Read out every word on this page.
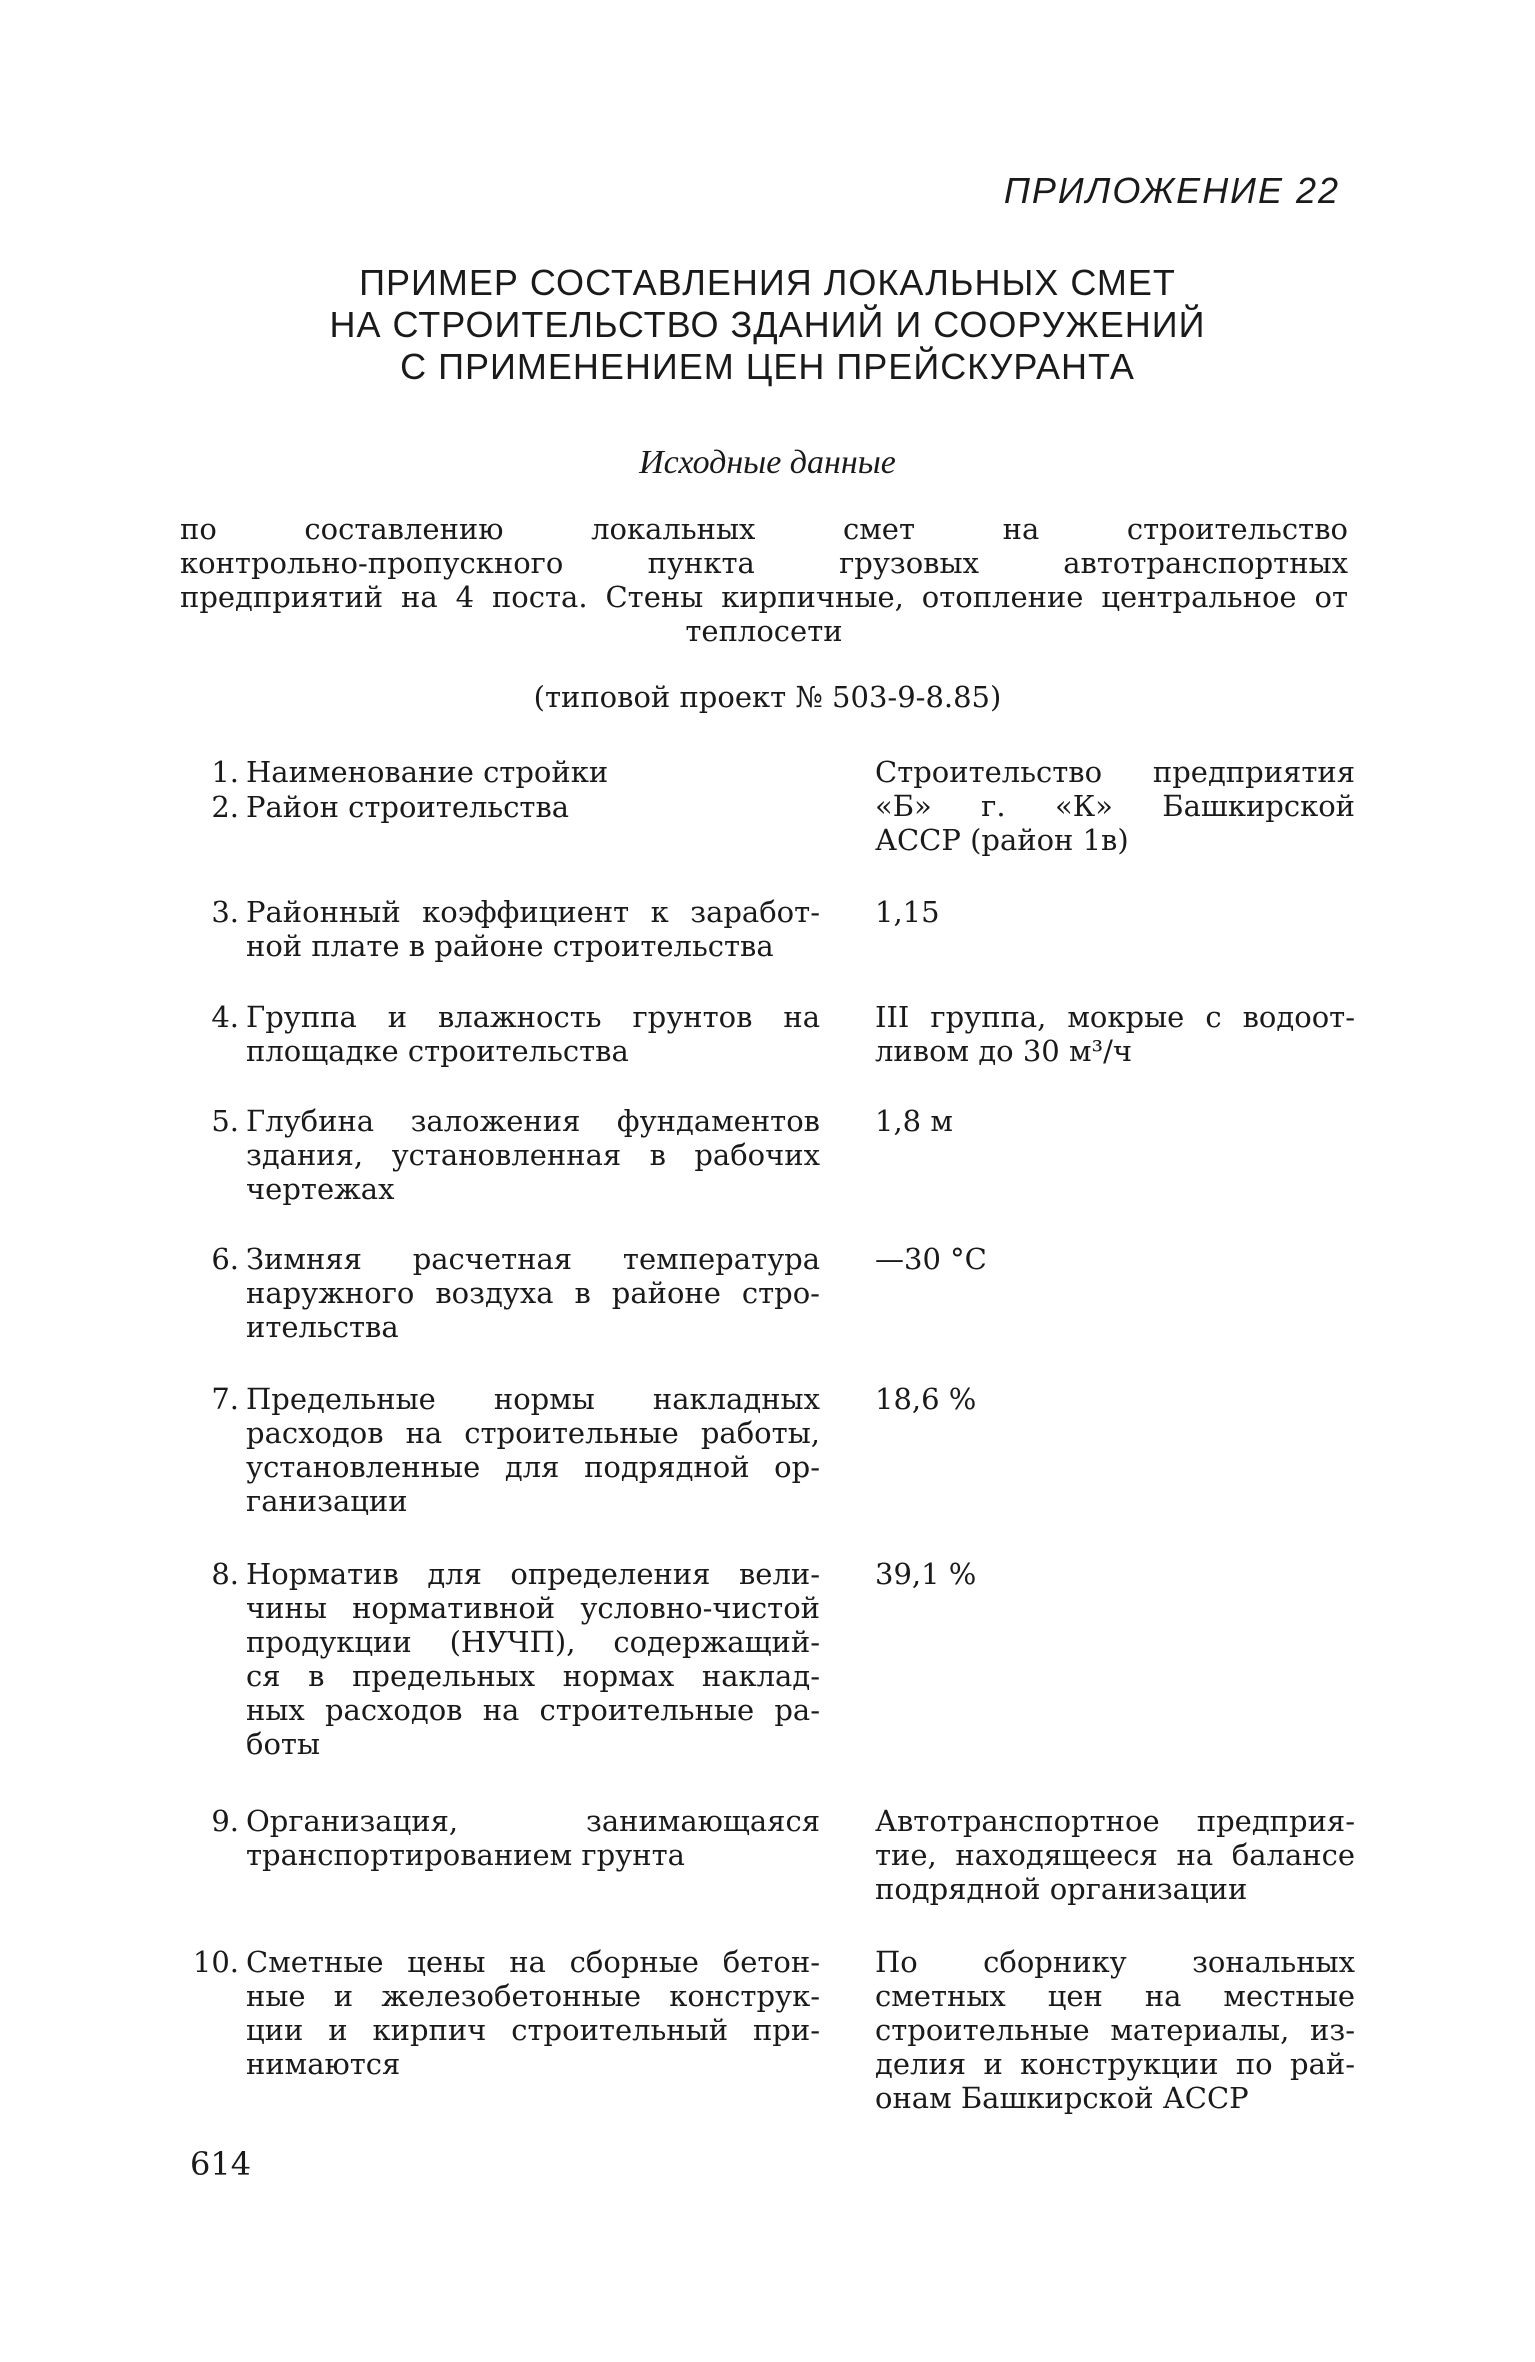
ПРИЛОЖЕНИЕ 22
ПРИМЕР СОСТАВЛЕНИЯ ЛОКАЛЬНЫХ СМЕТ
НА СТРОИТЕЛЬСТВО ЗДАНИЙ И СООРУЖЕНИЙ
С ПРИМЕНЕНИЕМ ЦЕН ПРЕЙСКУРАНТА
Исходные данные
по составлению локальных смет на строительство
контрольно-пропускного пункта грузовых автотранспортных
предприятий на 4 поста. Стены кирпичные, отопление центральное от
теплосети
(типовой проект № 503-9-8.85)
1. Наименование стройки	Строительство предприятия
«Б» г. «К» Башкирской
АССР (район 1в)
2. Район строительства
3. Районный коэффициент к заработ-
ной плате в районе строительства
1,15
4. Группа и влажность грунтов на
площадке строительства
III группа, мокрые с водоот-
ливом до 30 м³/ч
5. Глубина заложения фундаментов
здания, установленная в рабочих
чертежах
1,8 м
6. Зимняя расчетная температура
наружного воздуха в районе стро-
ительства
—30 °С
7. Предельные нормы накладных
расходов на строительные работы,
установленные для подрядной ор-
ганизации
18,6 %
8. Норматив для определения вели-
чины нормативной условно-чистой
продукции (НУЧП), содержащий-
ся в предельных нормах наклад-
ных расходов на строительные ра-
боты
39,1 %
9. Организация, занимающаяся
транспортированием грунта
Автотранспортное предприя-
тие, находящееся на балансе
подрядной организации
10. Сметные цены на сборные бетон-
ные и железобетонные конструк-
ции и кирпич строительный при-
нимаются
По сборнику зональных
сметных цен на местные
строительные материалы, из-
делия и конструкции по рай-
онам Башкирской АССР
614
